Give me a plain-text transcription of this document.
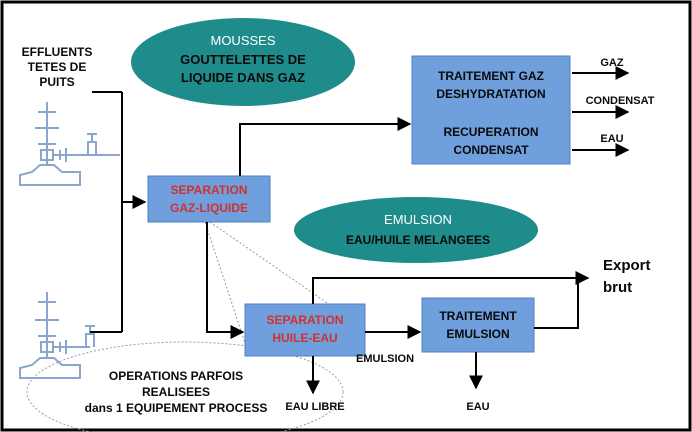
MOUSSES
GOUTTELETTES DE
LIQUIDE DANS GAZ
EMULSION
EAU/HUILE MELANGEES
EFFLUENTS
TETES DE
PUITS	TRAITEMENT GAZ
DESHYDRATATION
RECUPERATION
CONDENSAT
SEPARATION
GAZ-LIQUIDE
SEPARATION
HUILE-EAU
TRAITEMENT
EMULSION
GAZ
CONDENSAT
EAU
Export
brut
EMULSION
EAU LIBRE	EAU
OPERATIONS PARFOIS
REALISEES
dans 1 EQUIPEMENT PROCESS
